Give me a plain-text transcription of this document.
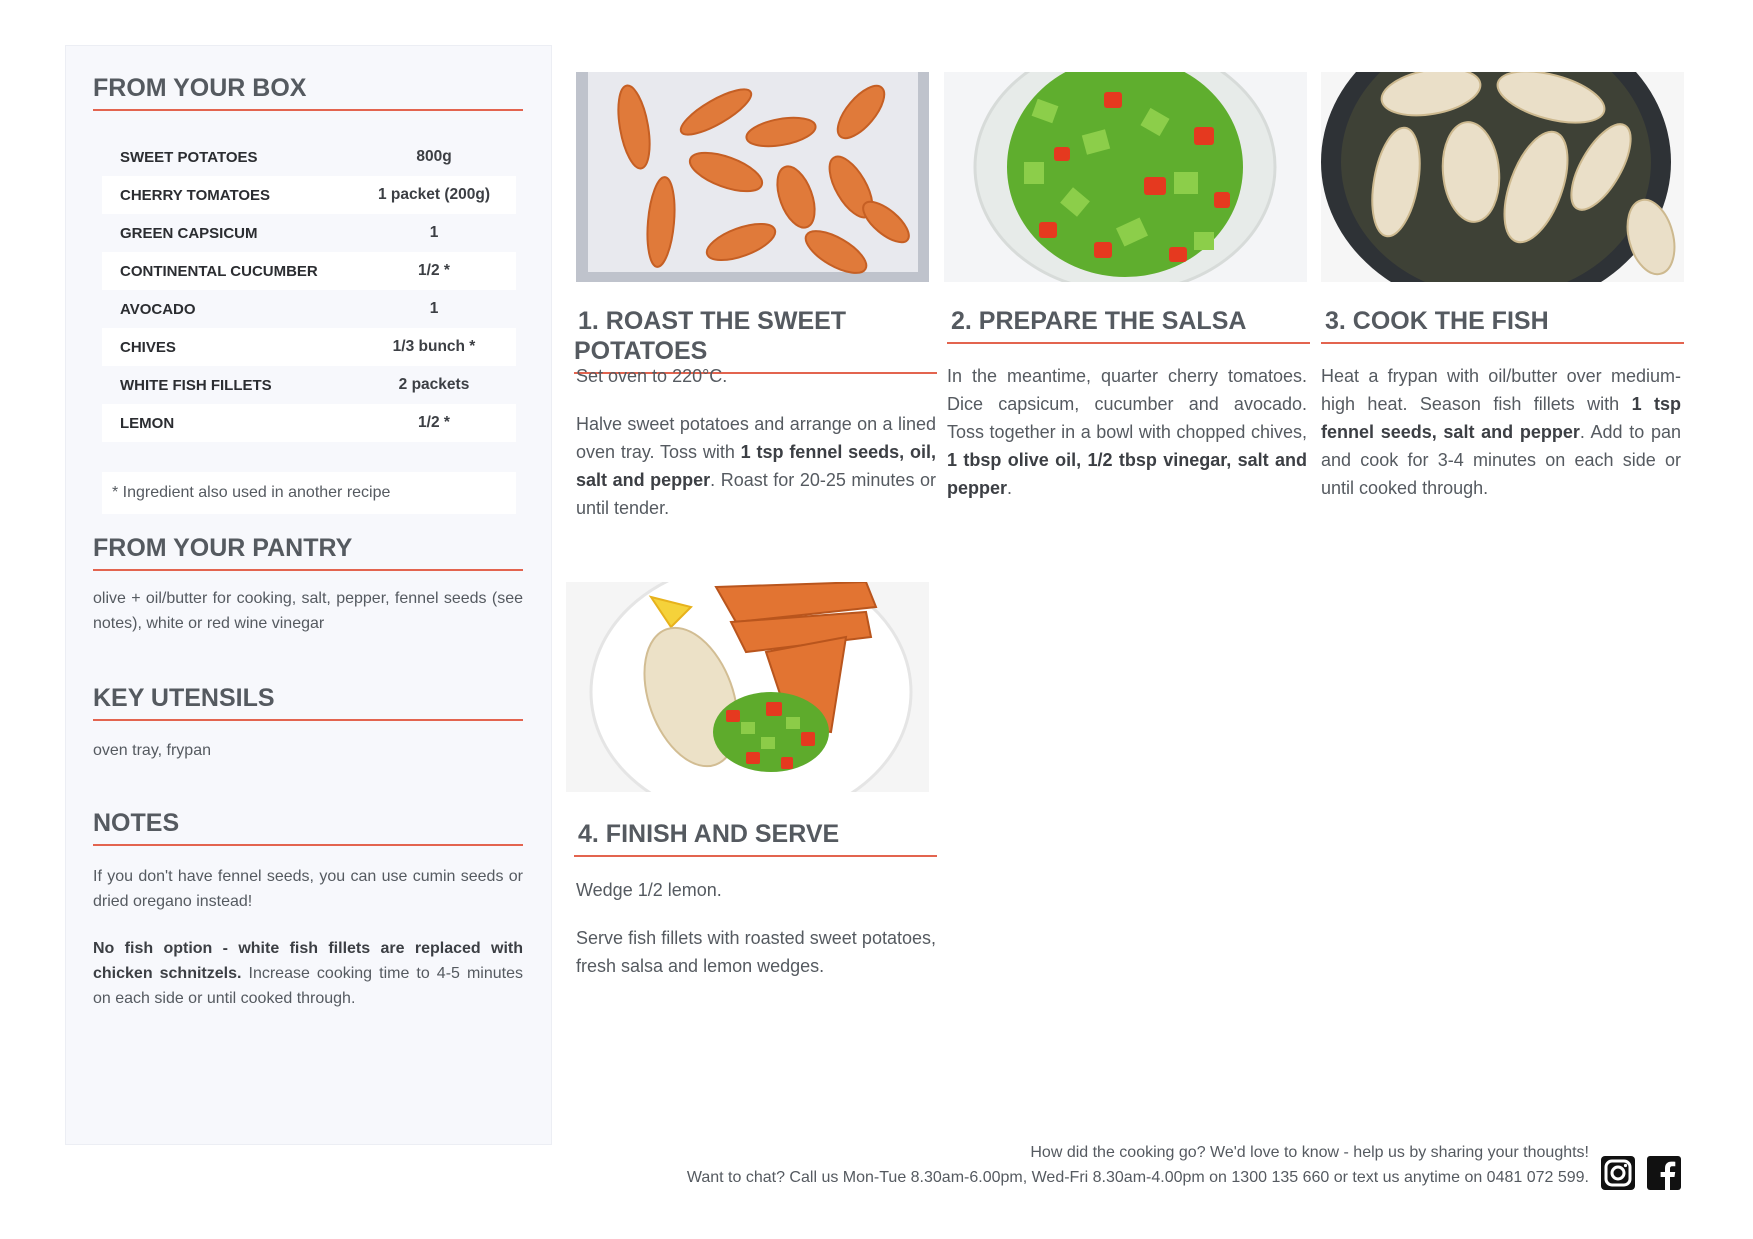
FROM YOUR BOX
SWEET POTATOES	800g
CHERRY TOMATOES	1 packet (200g)
GREEN CAPSICUM	1
CONTINENTAL CUCUMBER	1/2 *
AVOCADO	1
CHIVES	1/3 bunch *
WHITE FISH FILLETS	2 packets
LEMON	1/2 *
* Ingredient also used in another recipe
FROM YOUR PANTRY
olive + oil/butter for cooking, salt, pepper, fennel seeds (see notes), white or red wine vinegar
KEY UTENSILS
oven tray, frypan
NOTES
If you don't have fennel seeds, you can use cumin seeds or dried oregano instead!
No fish option - white fish fillets are replaced with chicken schnitzels. Increase cooking time to 4-5 minutes on each side or until cooked through.
1. ROAST THE SWEET POTATOES

Set oven to 220°C.

Halve sweet potatoes and arrange on a lined oven tray. Toss with 1 tsp fennel seeds, oil, salt and pepper. Roast for 20-25 minutes or until tender.

2. PREPARE THE SALSA

In the meantime, quarter cherry tomatoes. Dice capsicum, cucumber and avocado. Toss together in a bowl with chopped chives, 1 tbsp olive oil, 1/2 tbsp vinegar, salt and pepper.

3. COOK THE FISH

Heat a frypan with oil/butter over medium-high heat. Season fish fillets with 1 tsp fennel seeds, salt and pepper. Add to pan and cook for 3-4 minutes on each side or until cooked through.

4. FINISH AND SERVE

Wedge 1/2 lemon.

Serve fish fillets with roasted sweet potatoes, fresh salsa and lemon wedges.

How did the cooking go? We'd love to know - help us by sharing your thoughts!
Want to chat? Call us Mon-Tue 8.30am-6.00pm, Wed-Fri 8.30am-4.00pm on 1300 135 660 or text us anytime on 0481 072 599.
